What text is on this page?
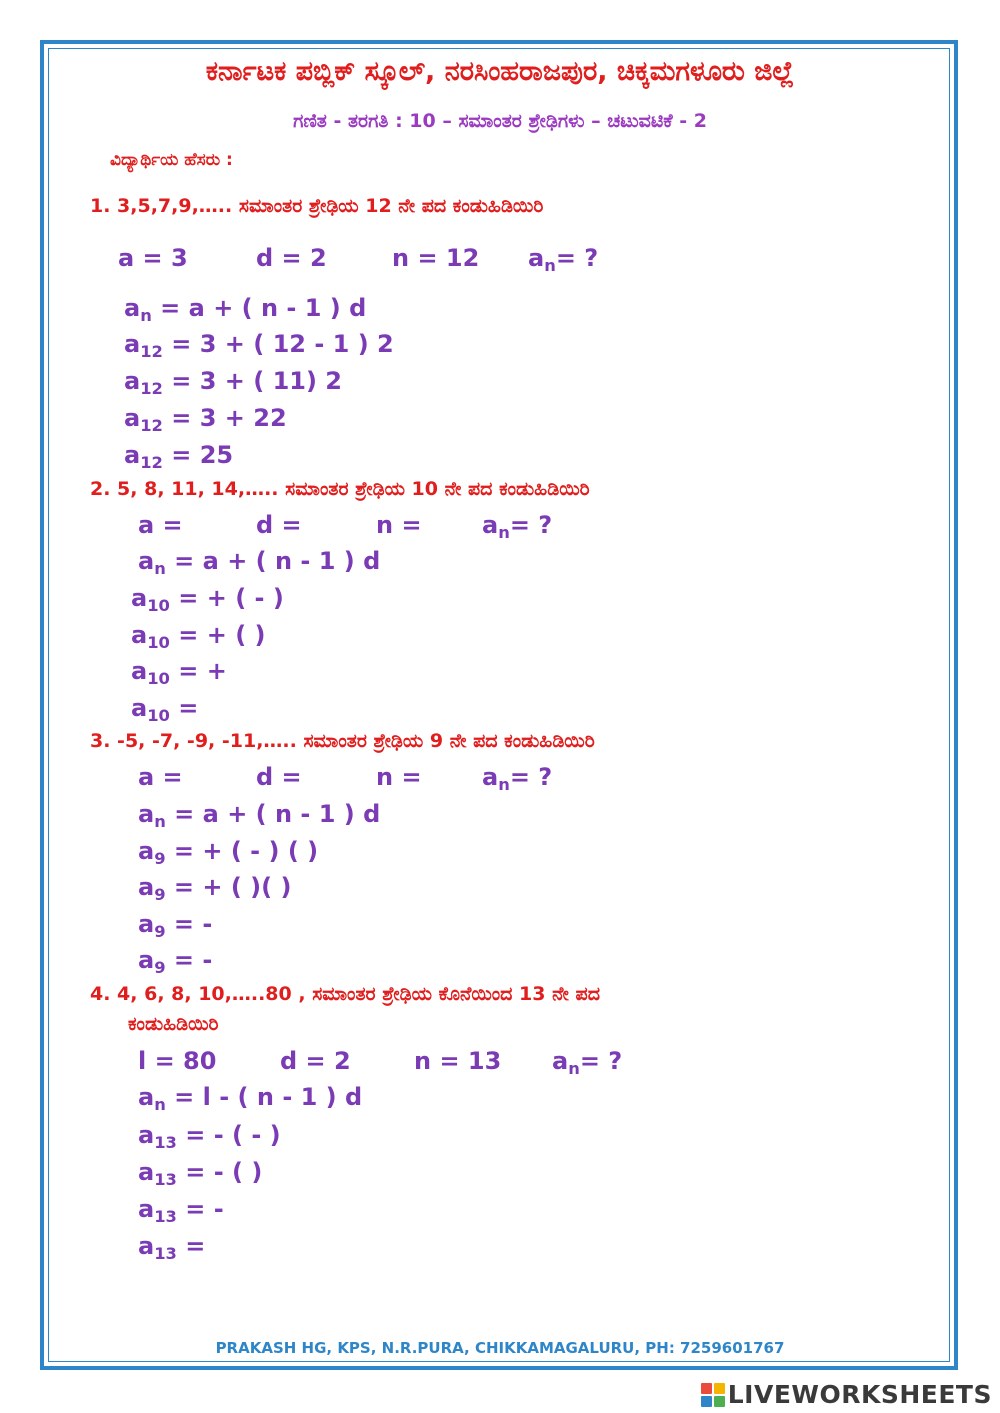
ಕರ್ನಾಟಕ ಪಬ್ಲಿಕ್ ಸ್ಕೂಲ್, ನರಸಿಂಹರಾಜಪುರ, ಚಿಕ್ಕಮಗಳೂರು ಜಿಲ್ಲೆ
ಗಣಿತ - ತರಗತಿ : 10 – ಸಮಾಂತರ ಶ್ರೇಢಿಗಳು – ಚಟುವಟಿಕೆ - 2
ವಿದ್ಯಾರ್ಥಿಯ ಹೆಸರು :
1. 3,5,7,9,….. ಸಮಾಂತರ ಶ್ರೇಢಿಯ 12 ನೇ ಪದ ಕಂಡುಹಿಡಿಯಿರಿ
a = 3	d = 2	n = 12 $a_n=$ ?
$a_n = a$ + ( n - 1 ) d
$a_{12} = 3$ + ( 12 - 1 ) 2
$a_{12} = 3$ + ( 11) 2
$a_{12} = 3 + 22$
$a_{12} = 25$
2. 5, 8, 11, 14,….. ಸಮಾಂತರ ಶ್ರೇಢಿಯ 10 ನೇ ಪದ ಕಂಡುಹಿಡಿಯಿರಿ
a =	d =	n =	$a_n=$ ?
$a_n = a$ + ( n - 1 ) d
$a_{10}$ = + ( - )
$a_{10}$ = + ( )
$a_{10}$ = +
$a_{10}$ =
3. -5, -7, -9, -11,….. ಸಮಾಂತರ ಶ್ರೇಢಿಯ 9 ನೇ ಪದ ಕಂಡುಹಿಡಿಯಿರಿ
a =	d =	n =	$a_n=$ ?
$a_n = a$ + ( n - 1 ) d
$a_9$ = + ( - ) ( )
$a_9$ = + ( )( )
$a_9$ = -
$a_9$ = -
4. 4, 6, 8, 10,…..80 , ಸಮಾಂತರ ಶ್ರೇಢಿಯ ಕೊನೆಯಿಂದ 13 ನೇ ಪದ
ಕಂಡುಹಿಡಿಯಿರಿ
l = 80	d = 2	n = 13 $a_n=$ ?
$a_n = l$ - ( n - 1 ) d
$a_{13}$ = - ( - )
$a_{13}$ = - ( )
$a_{13}$ = -
$a_{13}$ =
PRAKASH HG, KPS, N.R.PURA, CHIKKAMAGALURU, PH: 7259601767
LIVEWORKSHEETS
